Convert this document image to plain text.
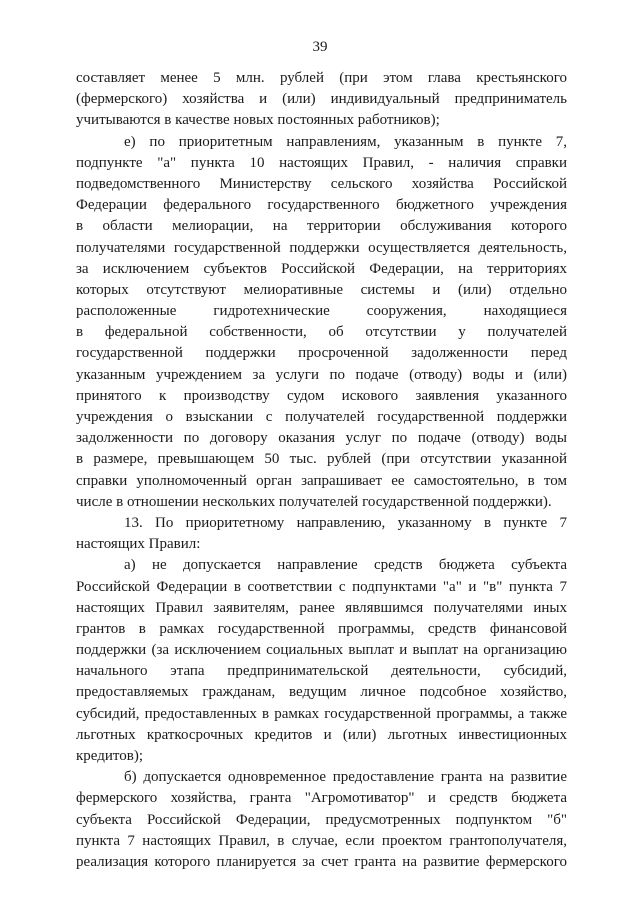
39
составляет менее 5 млн. рублей (при этом глава крестьянского
(фермерского) хозяйства и (или) индивидуальный предприниматель
учитываются в качестве новых постоянных работников);
е) по приоритетным направлениям, указанным в пункте 7,
подпункте "а" пункта 10 настоящих Правил, - наличия справки
подведомственного Министерству сельского хозяйства Российской
Федерации федерального государственного бюджетного учреждения
в области мелиорации, на территории обслуживания которого
получателями государственной поддержки осуществляется деятельность,
за исключением субъектов Российской Федерации, на территориях
которых отсутствуют мелиоративные системы и (или) отдельно
расположенные гидротехнические сооружения, находящиеся
в федеральной собственности, об отсутствии у получателей
государственной поддержки просроченной задолженности перед
указанным учреждением за услуги по подаче (отводу) воды и (или)
принятого к производству судом искового заявления указанного
учреждения о взыскании с получателей государственной поддержки
задолженности по договору оказания услуг по подаче (отводу) воды
в размере, превышающем 50 тыс. рублей (при отсутствии указанной
справки уполномоченный орган запрашивает ее самостоятельно, в том
числе в отношении нескольких получателей государственной поддержки).
13. По приоритетному направлению, указанному в пункте 7
настоящих Правил:
а) не допускается направление средств бюджета субъекта
Российской Федерации в соответствии с подпунктами "а" и "в" пункта 7
настоящих Правил заявителям, ранее являвшимся получателями иных
грантов в рамках государственной программы, средств финансовой
поддержки (за исключением социальных выплат и выплат на организацию
начального этапа предпринимательской деятельности, субсидий,
предоставляемых гражданам, ведущим личное подсобное хозяйство,
субсидий, предоставленных в рамках государственной программы, а также
льготных краткосрочных кредитов и (или) льготных инвестиционных
кредитов);
б) допускается одновременное предоставление гранта на развитие
фермерского хозяйства, гранта "Агромотиватор" и средств бюджета
субъекта Российской Федерации, предусмотренных подпунктом "б"
пункта 7 настоящих Правил, в случае, если проектом грантополучателя,
реализация которого планируется за счет гранта на развитие фермерского
